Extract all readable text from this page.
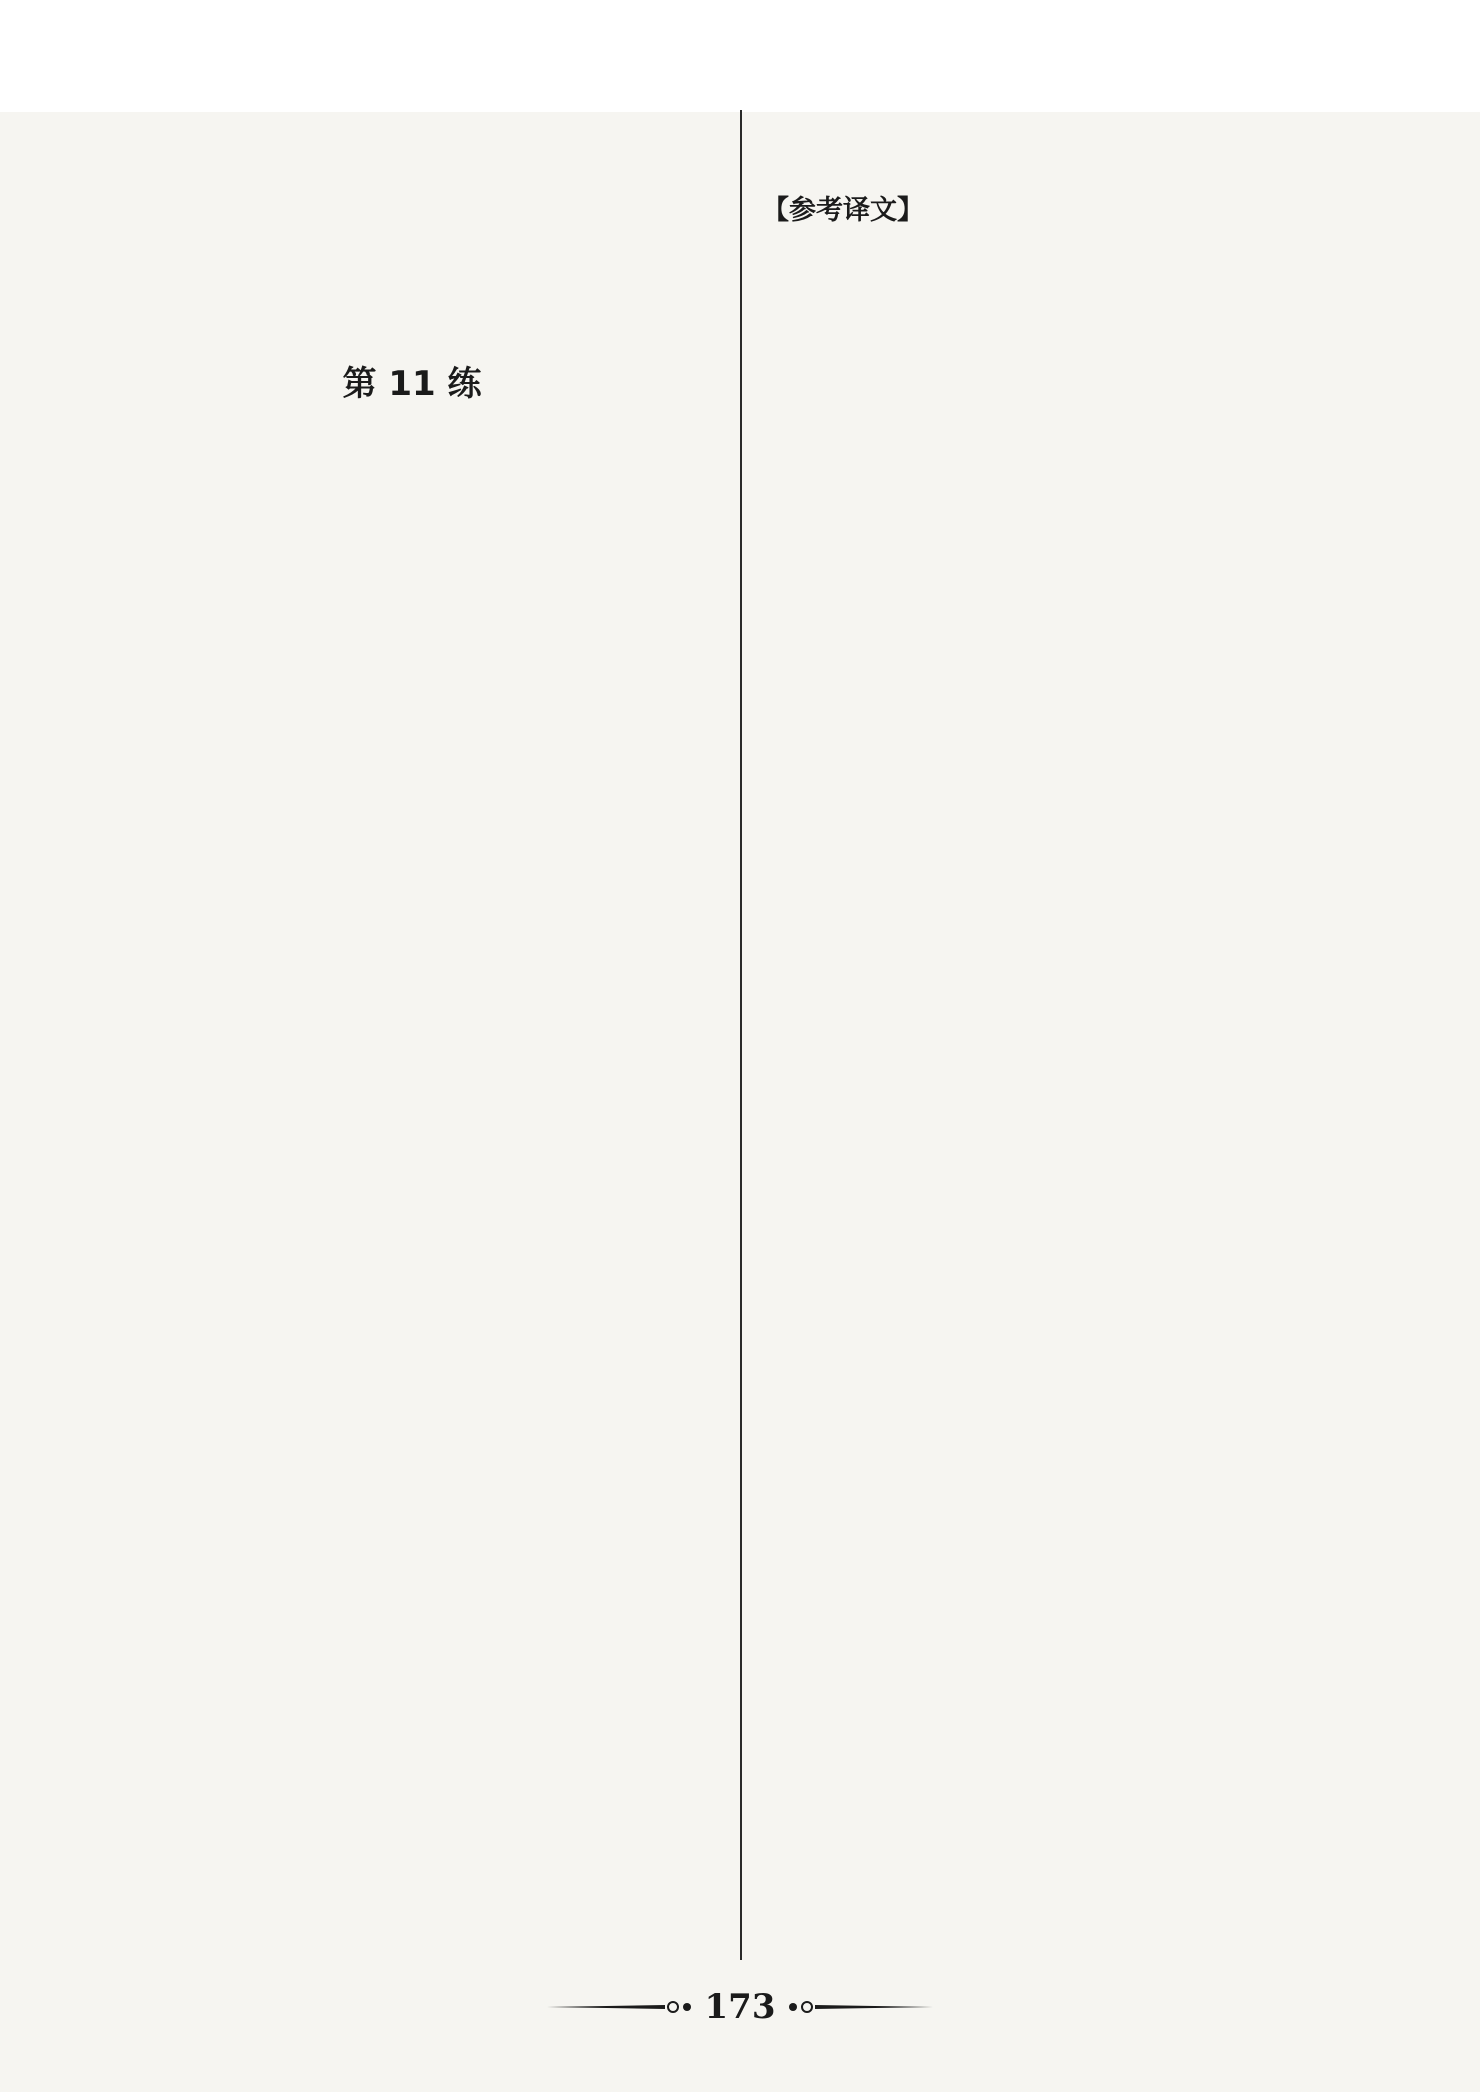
第 11 练

【参考译文】

173
